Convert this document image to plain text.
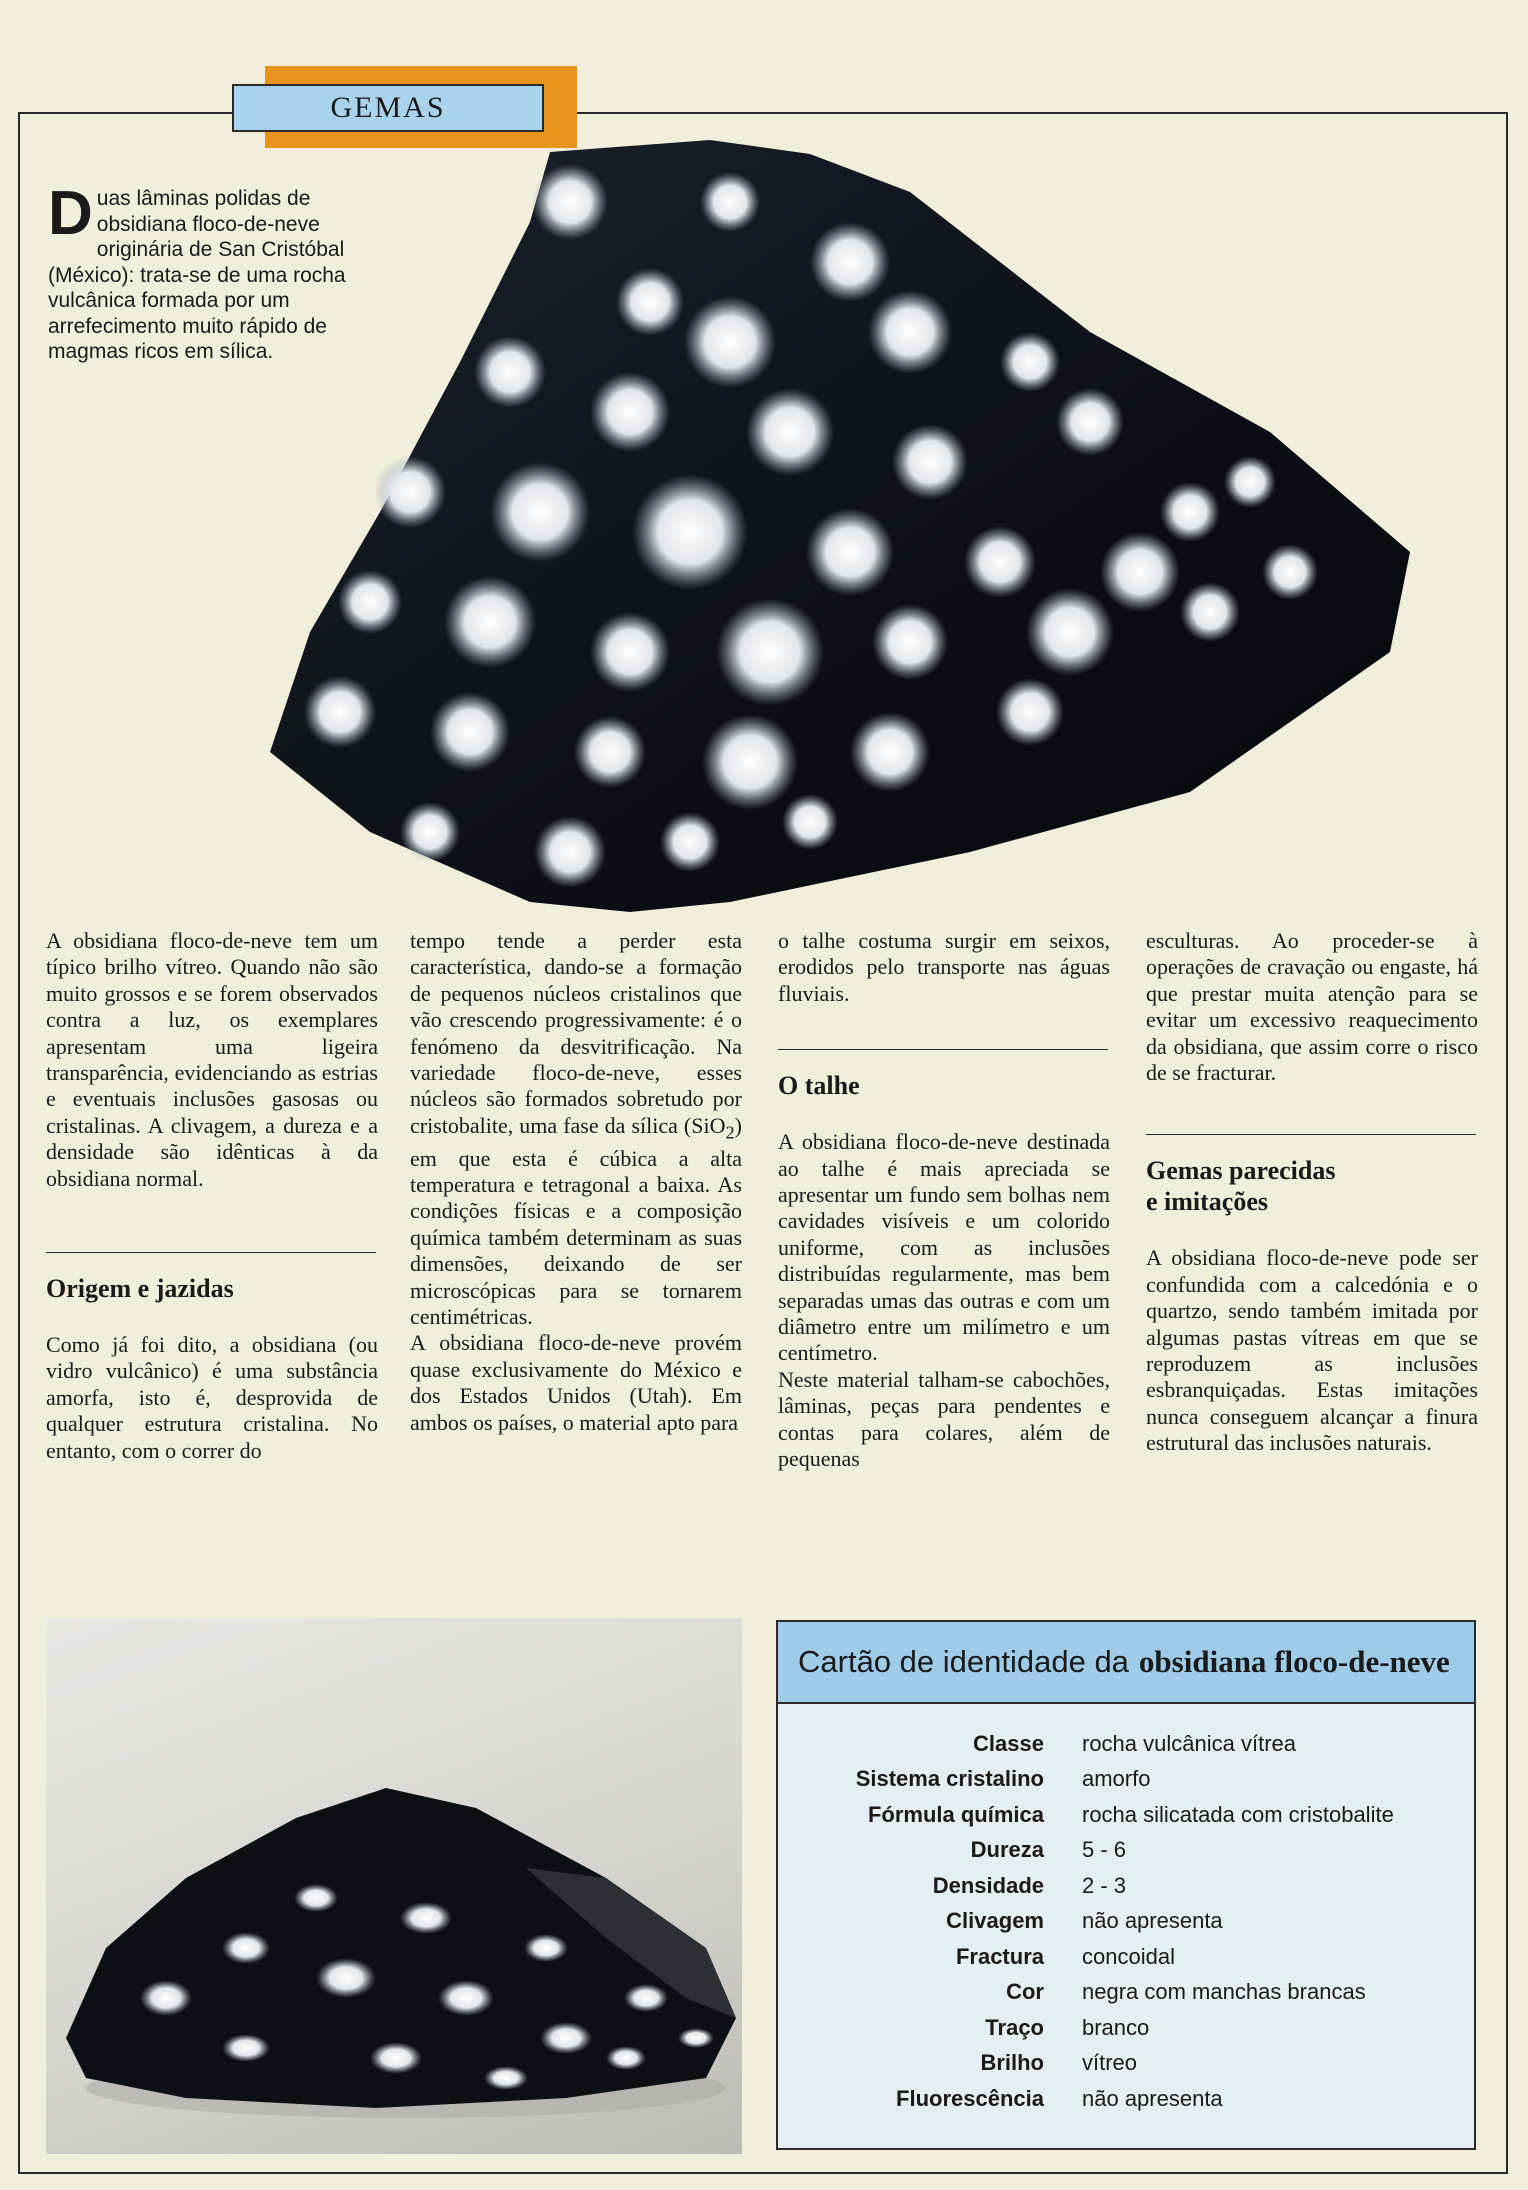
GEMAS
Duas lâminas polidas de obsidiana floco-de-neve originária de San Cristóbal (México): trata-se de uma rocha vulcânica formada por um arrefecimento muito rápido de magmas ricos em sílica.

A obsidiana floco-de-neve tem um típico brilho vítreo. Quando não são muito grossos e se forem observados contra a luz, os exemplares apresentam uma ligeira transparência, evidenciando as estrias e eventuais inclusões gasosas ou cristalinas. A clivagem, a dureza e a densidade são idênticas à da obsidiana normal.

Origem e jazidas

Como já foi dito, a obsidiana (ou vidro vulcânico) é uma substância amorfa, isto é, desprovida de qualquer estrutura cristalina. No entanto, com o correr do

tempo tende a perder esta característica, dando-se a formação de pequenos núcleos cristalinos que vão crescendo progressivamente: é o fenómeno da desvitrificação. Na variedade floco-de-neve, esses núcleos são formados sobretudo por cristobalite, uma fase da sílica (SiO$_2$) em que esta é cúbica a alta temperatura e tetragonal a baixa. As condições físicas e a composição química também determinam as suas dimensões, deixando de ser microscópicas para se tornarem centimétricas.

A obsidiana floco-de-neve provém quase exclusivamente do México e dos Estados Unidos (Utah). Em ambos os países, o material apto para

o talhe costuma surgir em seixos, erodidos pelo transporte nas águas fluviais.

O talhe

A obsidiana floco-de-neve destinada ao talhe é mais apreciada se apresentar um fundo sem bolhas nem cavidades visíveis e um colorido uniforme, com as inclusões distribuídas regularmente, mas bem separadas umas das outras e com um diâmetro entre um milímetro e um centímetro.

Neste material talham-se cabochões, lâminas, peças para pendentes e contas para colares, além de pequenas

esculturas. Ao proceder-se à operações de cravação ou engaste, há que prestar muita atenção para se evitar um excessivo reaquecimento da obsidiana, que assim corre o risco de se fracturar.

Gemas parecidas
e imitações

A obsidiana floco-de-neve pode ser confundida com a calcedónia e o quartzo, sendo também imitada por algumas pastas vítreas em que se reproduzem as inclusões esbranquiçadas. Estas imitações nunca conseguem alcançar a finura estrutural das inclusões naturais.

Cartão de identidade da obsidiana floco-de-neve
Classe	rocha vulcânica vítrea
Sistema cristalino	amorfo
Fórmula química	rocha silicatada com cristobalite
Dureza	5 - 6
Densidade	2 - 3
Clivagem	não apresenta
Fractura	concoidal
Cor	negra com manchas brancas
Traço	branco
Brilho	vítreo
Fluorescência	não apresenta
